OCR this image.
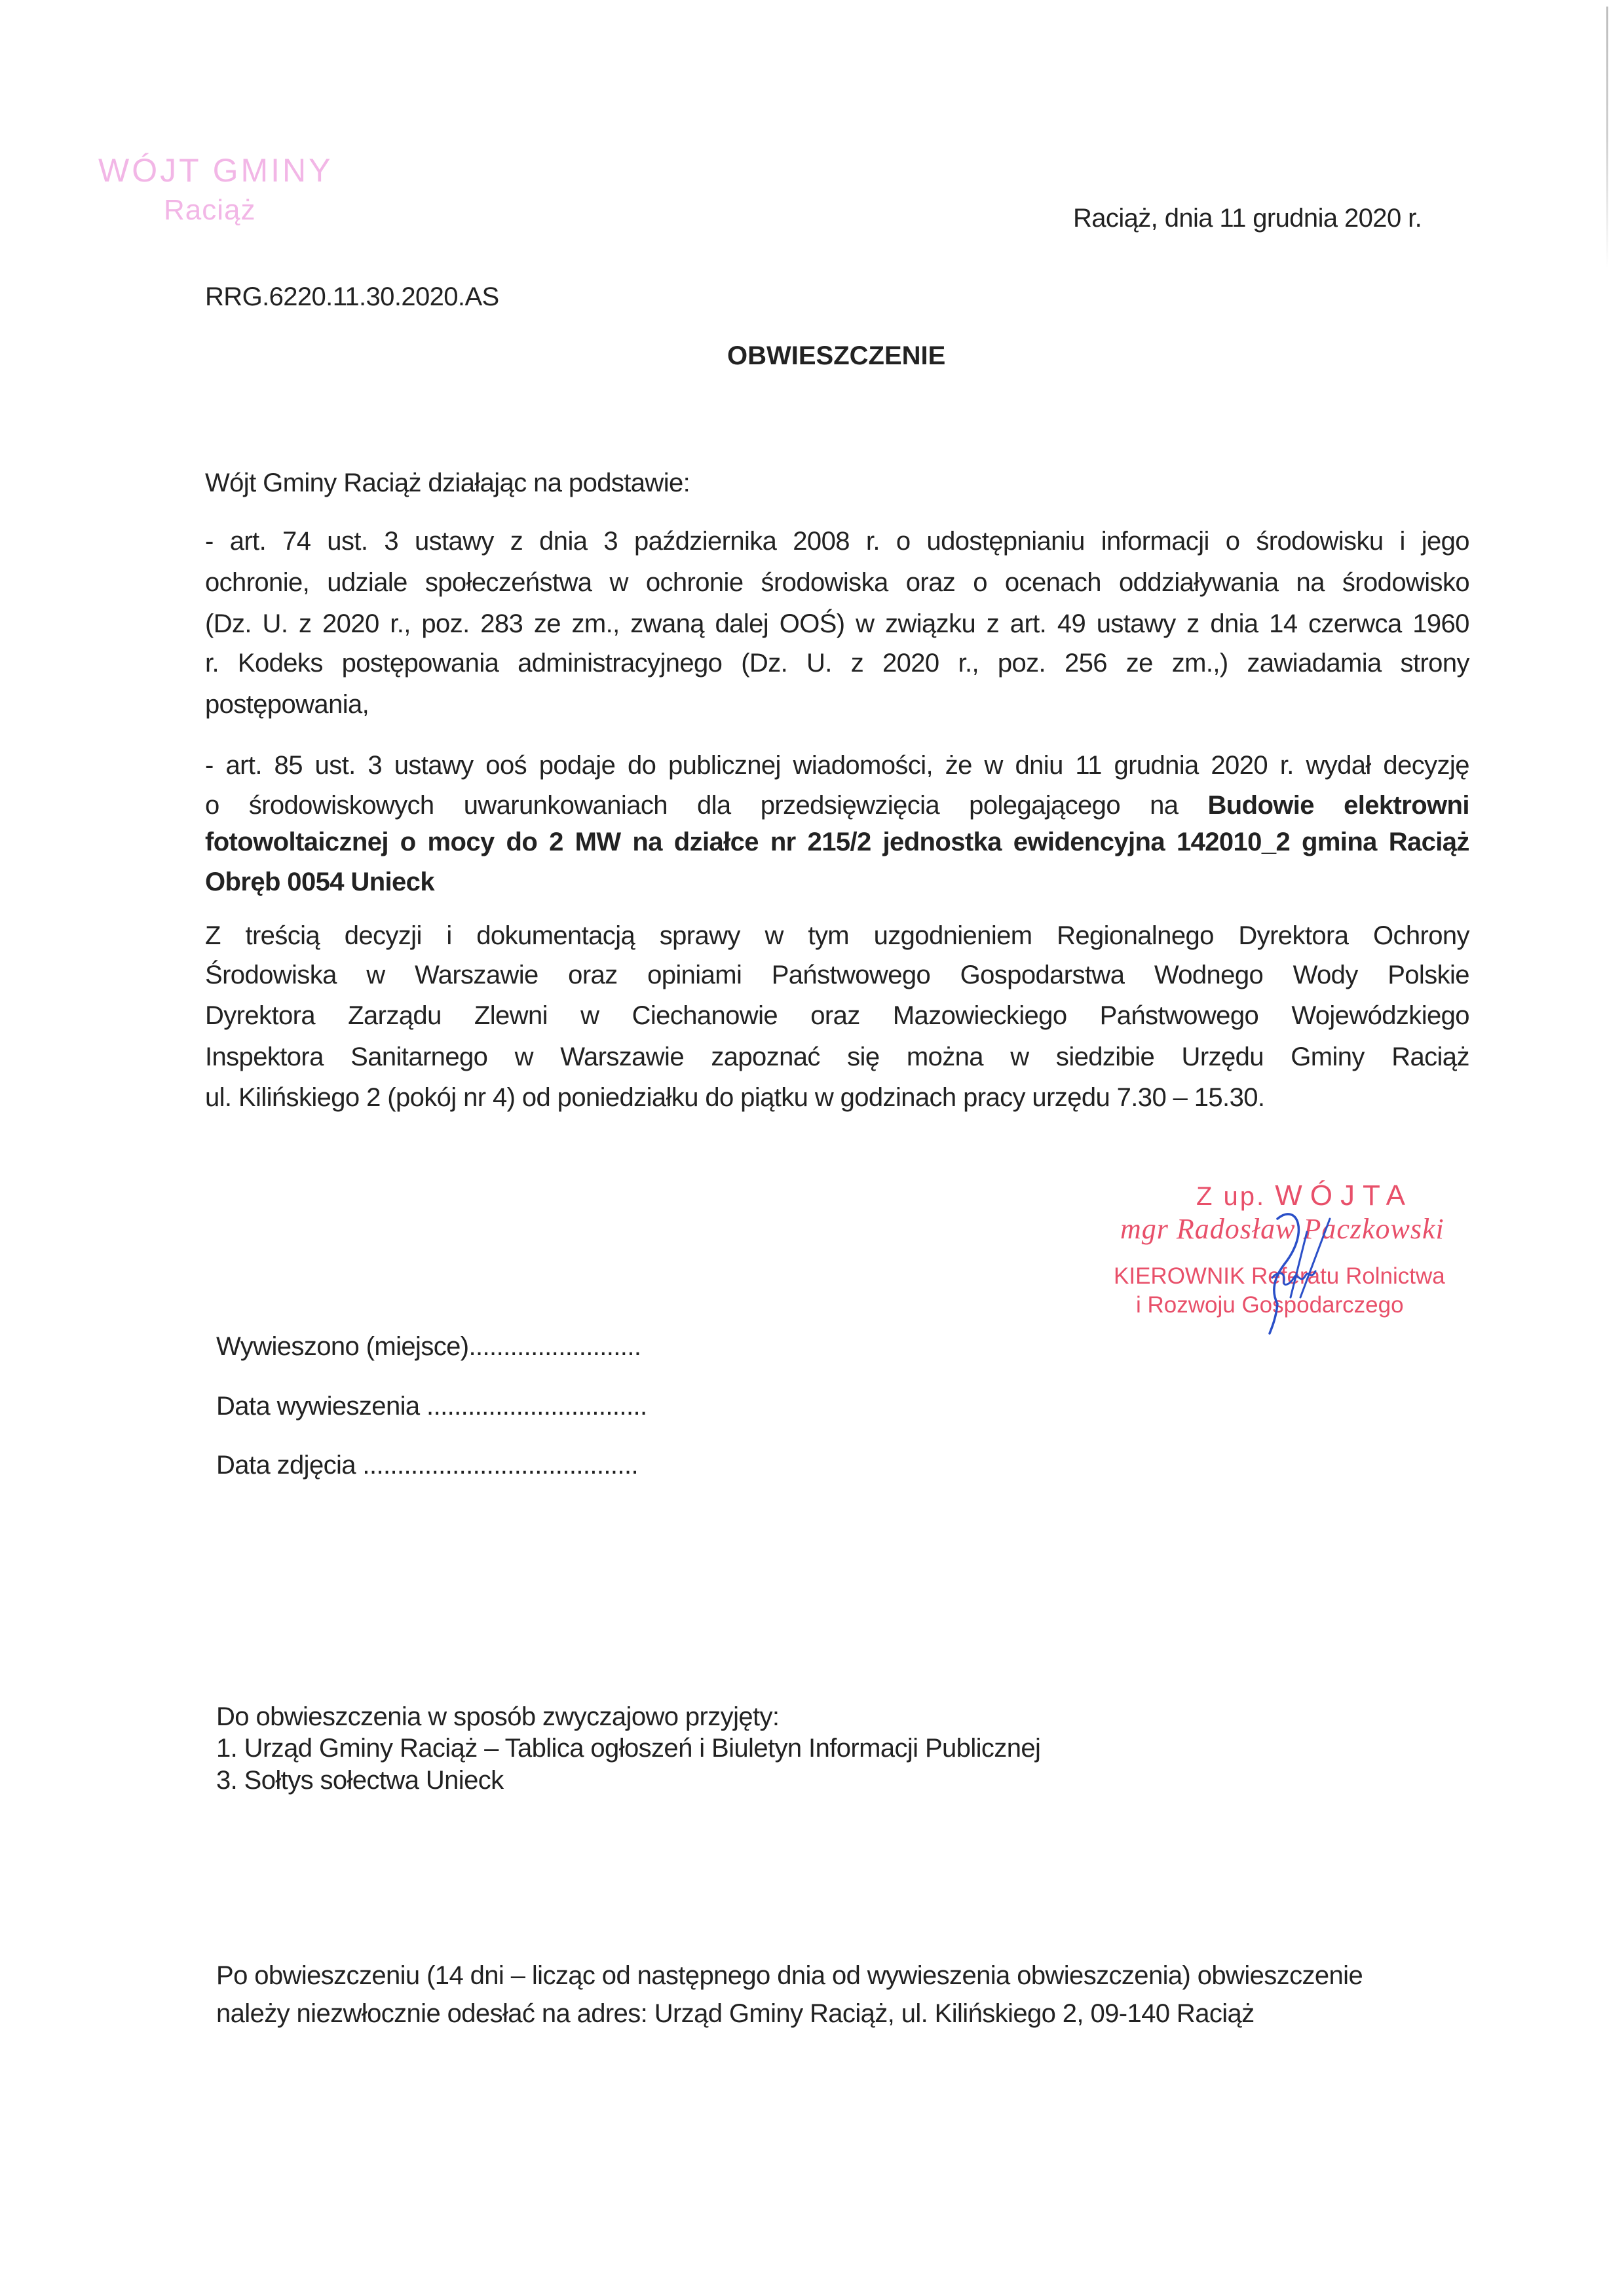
WÓJT GMINY
Raciąż	Raciąż, dnia 11 grudnia 2020 r.
RRG.6220.11.30.2020.AS
OBWIESZCZENIE
Wójt Gminy Raciąż działając na podstawie:
- art. 74 ust. 3 ustawy z dnia 3 października 2008 r. o udostępnianiu informacji o środowisku i jego
ochronie, udziale społeczeństwa w ochronie środowiska oraz o ocenach oddziaływania na środowisko
(Dz. U. z 2020 r., poz. 283 ze zm., zwaną dalej OOŚ) w związku z art. 49 ustawy z dnia 14 czerwca 1960
r. Kodeks postępowania administracyjnego (Dz. U. z 2020 r., poz. 256 ze zm.,) zawiadamia strony
postępowania,
- art. 85 ust. 3 ustawy ooś podaje do publicznej wiadomości, że w dniu 11 grudnia 2020 r. wydał decyzję
o środowiskowych uwarunkowaniach dla przedsięwzięcia polegającego na Budowie elektrowni
fotowoltaicznej o mocy do 2 MW na działce nr 215/2 jednostka ewidencyjna 142010_2 gmina Raciąż
Obręb 0054 Unieck
Z treścią decyzji i dokumentacją sprawy w tym uzgodnieniem Regionalnego Dyrektora Ochrony
Środowiska w Warszawie oraz opiniami Państwowego Gospodarstwa Wodnego Wody Polskie
Dyrektora Zarządu Zlewni w Ciechanowie oraz Mazowieckiego Państwowego Wojewódzkiego
Inspektora Sanitarnego w Warszawie zapoznać się można w siedzibie Urzędu Gminy Raciąż
ul. Kilińskiego 2 (pokój nr 4) od poniedziałku do piątku w godzinach pracy urzędu 7.30 – 15.30.
Z up. WÓJTA
mgr Radosław Paczkowski
KIEROWNIK Referatu Rolnictwa
i Rozwoju Gospodarczego
Wywieszono (miejsce).........................
Data wywieszenia ................................
Data zdjęcia ........................................
Do obwieszczenia w sposób zwyczajowo przyjęty:
1. Urząd Gminy Raciąż – Tablica ogłoszeń i Biuletyn Informacji Publicznej
3. Sołtys sołectwa Unieck
Po obwieszczeniu (14 dni – licząc od następnego dnia od wywieszenia obwieszczenia) obwieszczenie
należy niezwłocznie odesłać na adres: Urząd Gminy Raciąż, ul. Kilińskiego 2, 09-140 Raciąż
